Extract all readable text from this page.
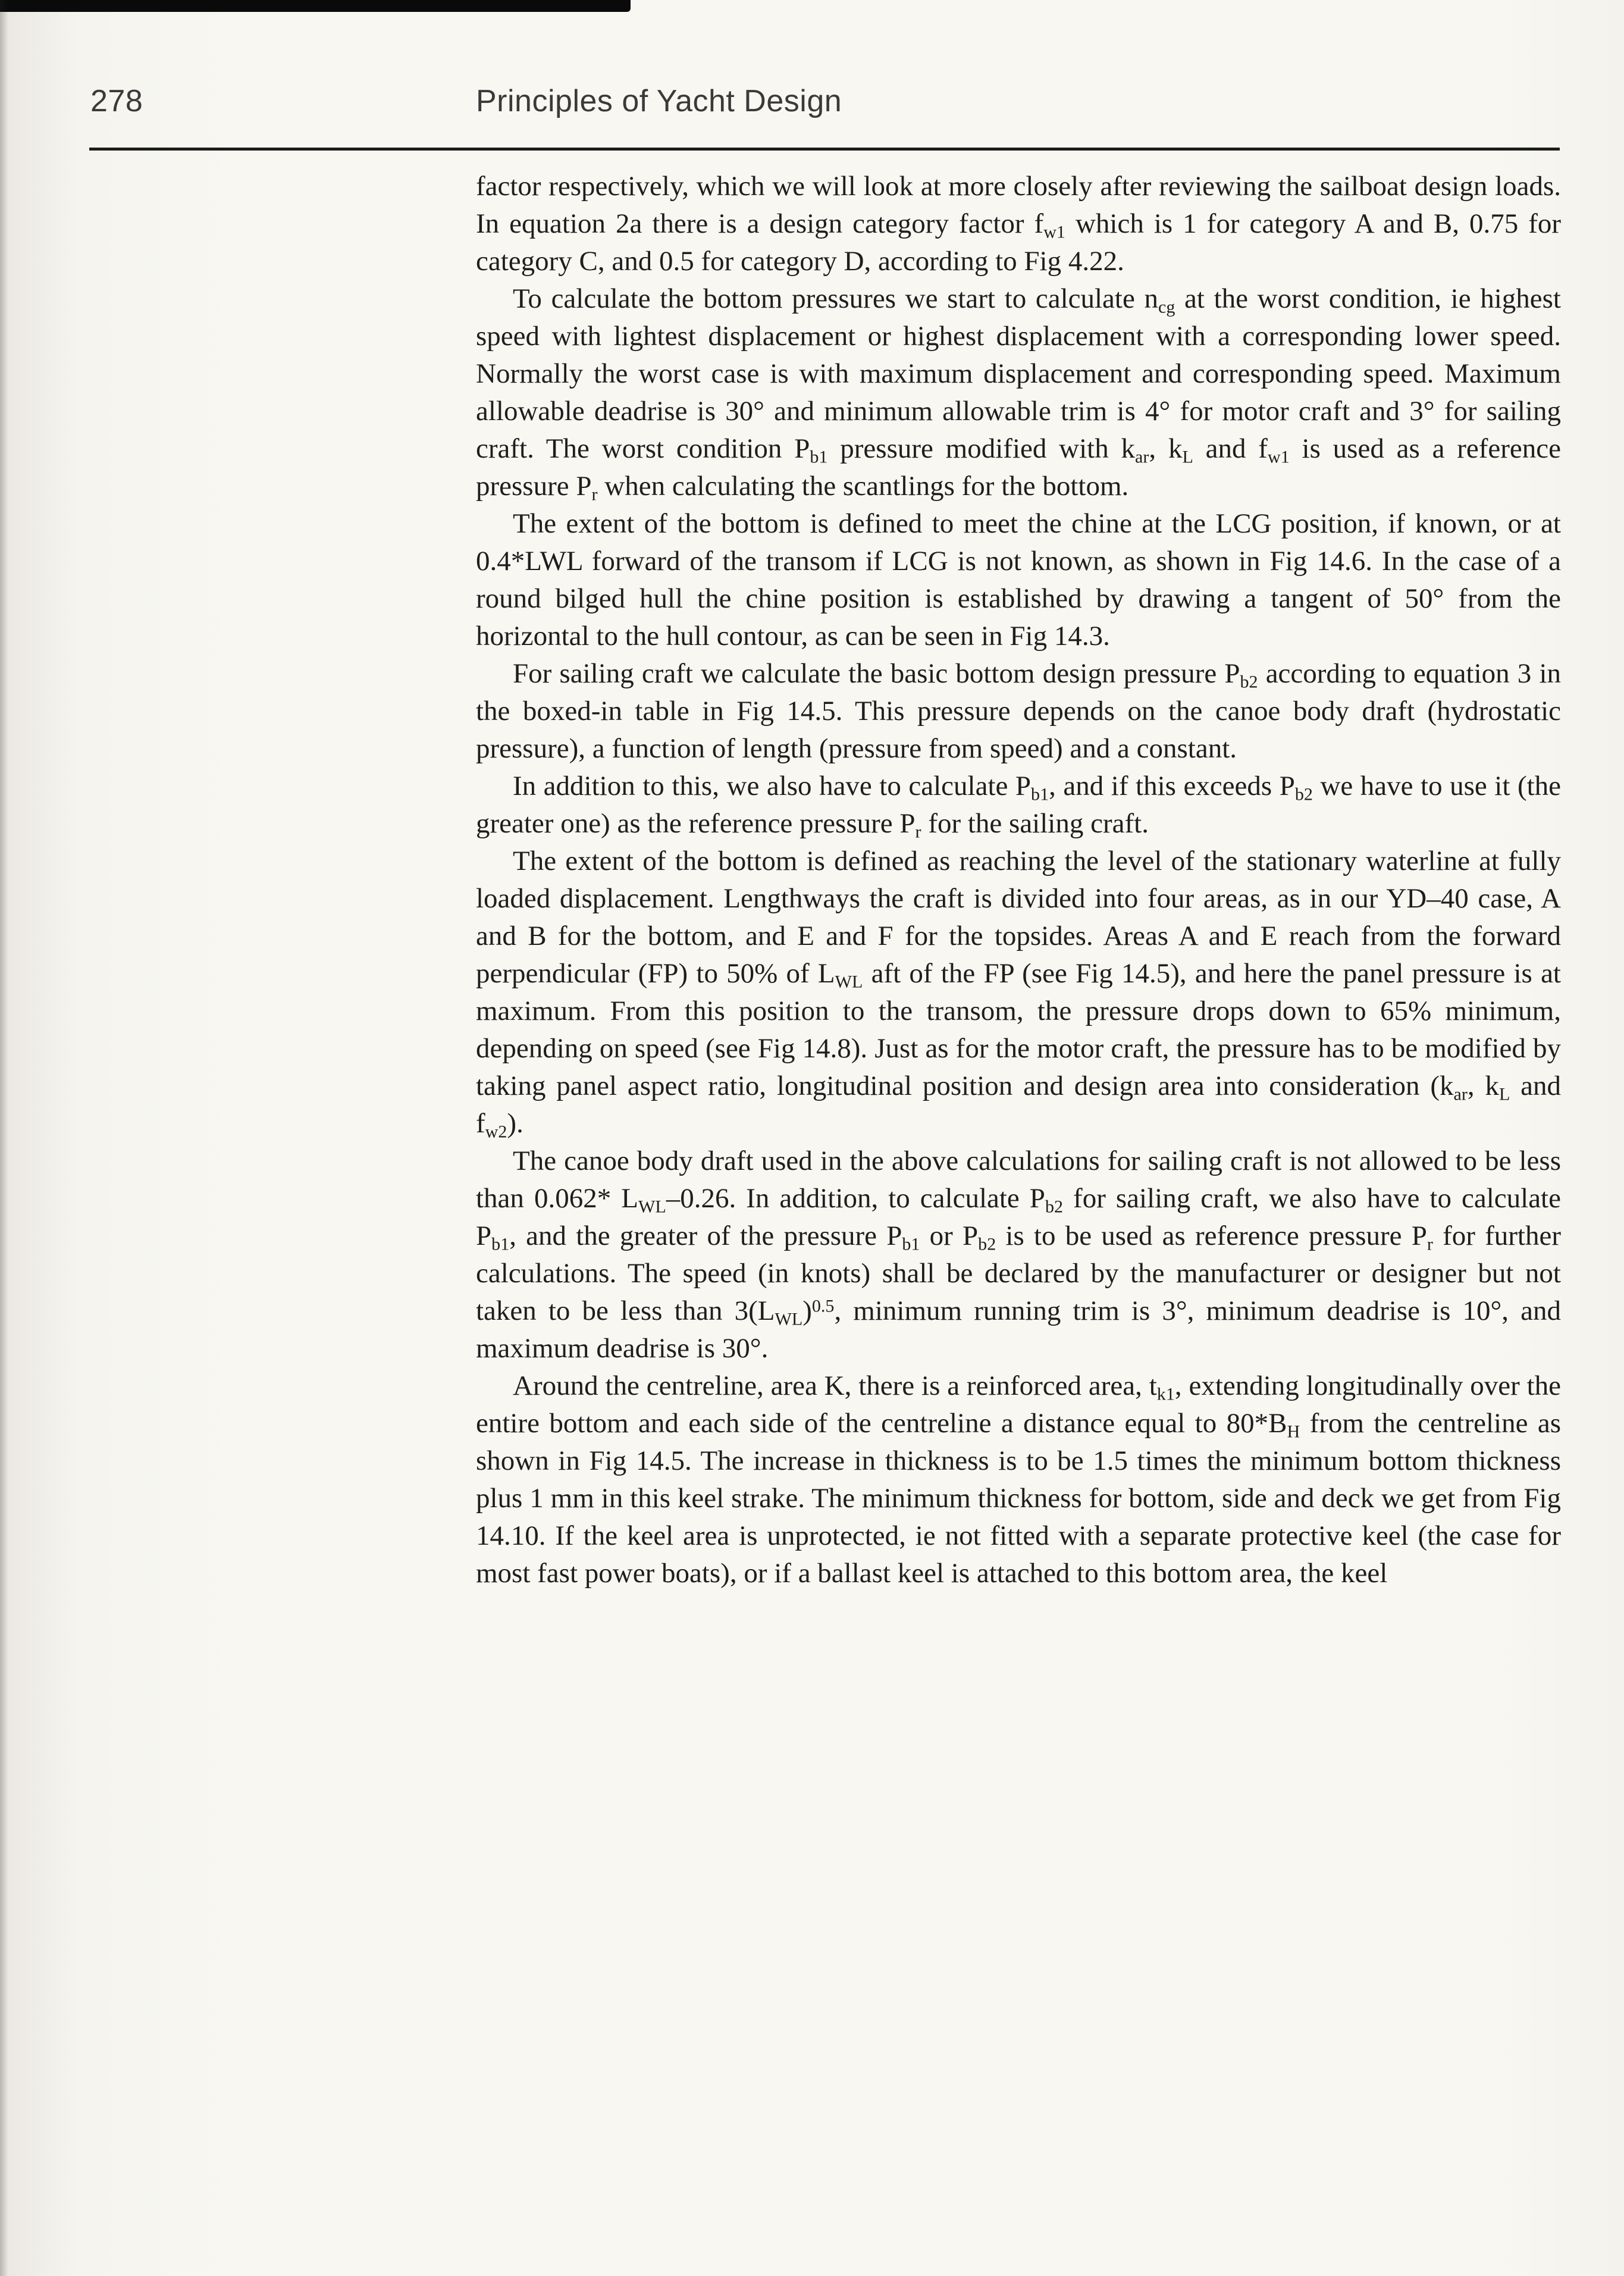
278	Principles of Yacht Design

factor respectively, which we will look at more closely after reviewing the sailboat design loads. In equation 2a there is a design category factor $f_{w1}$ which is 1 for category A and B, 0.75 for category C, and 0.5 for category D, according to Fig 4.22.

To calculate the bottom pressures we start to calculate $n_{cg}$ at the worst condition, ie highest speed with lightest displacement or highest displacement with a corresponding lower speed. Normally the worst case is with maximum displacement and corresponding speed. Maximum allowable deadrise is 30° and minimum allowable trim is 4° for motor craft and 3° for sailing craft. The worst condition $P_{b1}$ pressure modified with $k_{ar}$, $k_L$ and $f_{w1}$ is used as a reference pressure $P_r$ when calculating the scantlings for the bottom.

The extent of the bottom is defined to meet the chine at the LCG position, if known, or at 0.4*LWL forward of the transom if LCG is not known, as shown in Fig 14.6. In the case of a round bilged hull the chine position is established by drawing a tangent of 50° from the horizontal to the hull contour, as can be seen in Fig 14.3.

For sailing craft we calculate the basic bottom design pressure $P_{b2}$ according to equation 3 in the boxed-in table in Fig 14.5. This pressure depends on the canoe body draft (hydrostatic pressure), a function of length (pressure from speed) and a constant.

In addition to this, we also have to calculate $P_{b1}$, and if this exceeds $P_{b2}$ we have to use it (the greater one) as the reference pressure $P_r$ for the sailing craft.

The extent of the bottom is defined as reaching the level of the stationary waterline at fully loaded displacement. Lengthways the craft is divided into four areas, as in our YD–40 case, A and B for the bottom, and E and F for the topsides. Areas A and E reach from the forward perpendicular (FP) to 50% of $L_{WL}$ aft of the FP (see Fig 14.5), and here the panel pressure is at maximum. From this position to the transom, the pressure drops down to 65% minimum, depending on speed (see Fig 14.8). Just as for the motor craft, the pressure has to be modified by taking panel aspect ratio, longitudinal position and design area into consideration ($k_{ar}$, $k_L$ and $f_{w2}$).

The canoe body draft used in the above calculations for sailing craft is not allowed to be less than 0.062* $L_{WL}-0.26$. In addition, to calculate $P_{b2}$ for sailing craft, we also have to calculate $P_{b1}$, and the greater of the pressure $P_{b1}$ or $P_{b2}$ is to be used as reference pressure $P_r$ for further calculations. The speed (in knots) shall be declared by the manufacturer or designer but not taken to be less than $3(L_{WL})^{0.5}$, minimum running trim is 3°, minimum deadrise is 10°, and maximum deadrise is 30°.

Around the centreline, area K, there is a reinforced area, $t_{k1}$, extending longitudinally over the entire bottom and each side of the centreline a distance equal to $80*B_H$ from the centreline as shown in Fig 14.5. The increase in thickness is to be 1.5 times the minimum bottom thickness plus 1 mm in this keel strake. The minimum thickness for bottom, side and deck we get from Fig 14.10. If the keel area is unprotected, ie not fitted with a separate protective keel (the case for most fast power boats), or if a ballast keel is attached to this bottom area, the keel
